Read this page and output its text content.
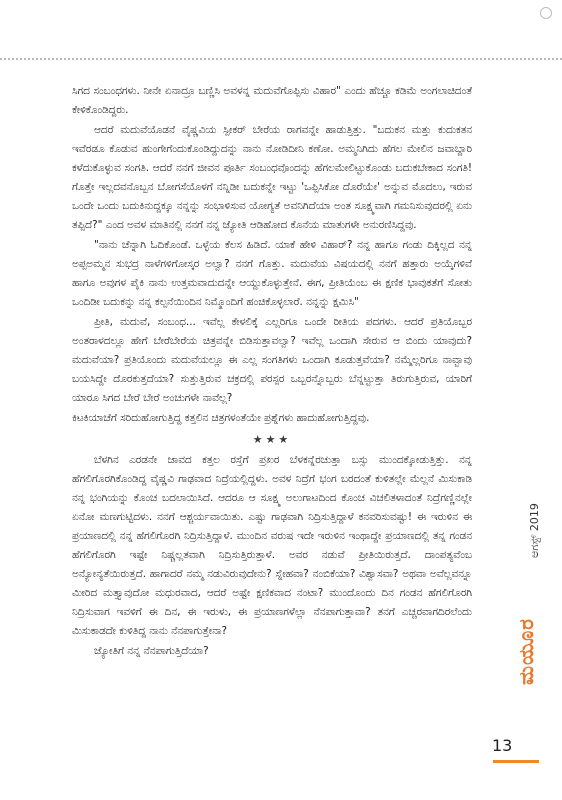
ಸಿಗದ ಸಂಬಂಧಗಳು. ನೀನೇ ಏನಾದ್ರೂ ಬಣ್ಣಿಸಿ ಅವಳನ್ನ ಮದುವೆಗೊಪ್ಪಿಸು ವಿಹಾರ" ಎಂದು ಹೆಚ್ಚೂ ಕಡಿಮೆ ಅಂಗಲಾಚಿದಂತೆ ಕೇಳಿಕೊಂಡಿದ್ದರು.

ಆದರೆ ಮದುವೆಯೊಡನೆ ವೈಷ್ಣವಿಯ ಸ್ಪೀಕರ್ ಬೇರೆಯ ರಾಗವನ್ನೇ ಹಾಡುತ್ತಿತ್ತು. "ಬದುಕನ ಮತ್ತು ಕುದುಕತನ ಇವೆರಡೂ ಕೊಡುವ ಹುಂಗೇಗೆಂದುಕೊಂಡಿದ್ದುದನ್ನು ನಾನು ನೋಡಿದೀನಿ ಕಣೋ. ಅಮ್ಮನಿಗಿದು ಹೆಗಲ ಮೇಲಿನ ಜವಾಬ್ದಾರಿ ಕಳೆದುಕೊಳ್ಳುವ ಸಂಗತಿ. ಆದರೆ ನನಗೆ ಜೀವನ ಪೂರ್ತಿ ಸಂಬಂಧವೊಂದನ್ನು ಹೆಗಲಮೇಲಿಟ್ಟುಕೊಂಡು ಬದುಕಬೇಕಾದ ಸಂಗತಿ! ಗೊತ್ತೇ ಇಲ್ಲದವನೊಬ್ಬನ ಬೋಗಸೆಯೊಳಗೆ ನನ್ನಿಡೀ ಬದುಕನ್ನೇ ಇಟ್ಟು 'ಒಪ್ಪಿಸಿಕೋ ದೊರೆಯೇ' ಅನ್ನುವ ಮೊದಲು, ಇರುವ ಒಂದೇ ಒಂದು ಬದುಕಿನುದ್ದಕ್ಕೂ ನನ್ನನ್ನು ಸಂಭಾಳಿಸುವ ಯೋಗ್ಯತೆ ಅವನಿಗಿದೆಯಾ ಅಂತ ಸೂಕ್ಷ್ಮವಾಗಿ ಗಮನಿಸುವುದರಲ್ಲಿ ಏನು ತಪ್ಪಿದೆ?" ಎಂದ ಅವಳ ಮಾತಿನಲ್ಲಿ ನನಗೆ ನನ್ನ ಜ್ಯೋತಿ ಆಡಿಹೋದ ಕೊನೆಯ ಮಾತುಗಳೇ ಅನುರಣಿಸಿದ್ದವು.

"ನಾನು ಚೆನ್ನಾಗಿ ಓದಿಕೊಂಡೆ. ಒಳ್ಳೆಯ ಕೆಲಸ ಹಿಡಿದೆ. ಯಾಕೆ ಹೇಳಿ ವಿಹಾರ್? ನನ್ನ ಹಾಗೂ ಗಂಡು ದಿಕ್ಕಿಲ್ಲದ ನನ್ನ ಅಪ್ಪಅಮ್ಮನ ಸುಭದ್ರ ನಾಳೆಗಳಿಗೋಸ್ಕರ ಅಲ್ವಾ? ನನಗೆ ಗೊತ್ತು. ಮದುವೆಯ ವಿಷಯದಲ್ಲಿ ನನಗೆ ಹತ್ತಾರು ಅಯ್ಕೆಗಳಿವೆ ಹಾಗೂ ಅವುಗಳ ಪೈಕಿ ನಾನು ಉತ್ತಮವಾದುದನ್ನೇ ಆಯ್ದುಕೊಳ್ಳುತ್ತೇನೆ. ಈಗ, ಪ್ರೀತಿಯೆಂಬ ಈ ಕ್ಷಣಿಕ ಭಾವುಕತೆಗೆ ಸೋತು ಒಂದಿಡೀ ಬದುಕನ್ನು ನನ್ನ ಕಲ್ಪನೆಯಿಂದಿನ ನಿಮ್ಮೊಂದಿಗೆ ಹಂಚಿಕೊಳ್ಳಲಾರೆ. ನನ್ನನ್ನು ಕ್ಷಮಿಸಿ"

ಪ್ರೀತಿ, ಮದುವೆ, ಸಂಬಂಧ... ಇವೆಲ್ಲ ಕೇಳಲಿಕ್ಕೆ ಎಲ್ಲರಿಗೂ ಒಂದೇ ರೀತಿಯ ಪದಗಳು. ಆದರೆ ಪ್ರತಿಯೊಬ್ಬರ ಅಂತರಾಳದಲ್ಲೂ ಹೇಗೆ ಬೇರೆಬೇರೆಯ ಚಿತ್ರವನ್ನೇ ಬಿಡಿಸುತ್ತಾವಲ್ವಾ? ಇವೆಲ್ಲ ಒಂದಾಗಿ ಸೇರುವ ಆ ಬಿಂದು ಯಾವುದು? ಮದುವೆಯಾ? ಪ್ರತಿಯೊಂದು ಮದುವೆಯಲ್ಲೂ ಈ ಎಲ್ಲ ಸಂಗತಿಗಳು ಒಂದಾಗಿ ಕೂಡುತ್ತವೆಯಾ? ನಮ್ಮೆಲ್ಲರಿಗೂ ನಾವ್ಬಾವು ಬಯಸಿದ್ದೇ ದೊರಕುತ್ತದೆಯಾ? ಸುತ್ತುತ್ತಿರುವ ಚಕ್ರದಲ್ಲಿ ಪರಸ್ಪರ ಒಬ್ಬರನ್ನೊಬ್ಬರು ಬೆನ್ನಟ್ಟುತ್ತಾ ತಿರುಗುತ್ತಿರುವ, ಯಾರಿಗೆ ಯಾರೂ ಸಿಗದ ಬೇರೆ ಬೇರೆ ಅಂಚುಗಳೇ ನಾವೆಲ್ಲ?

ಕಿಟಕಿಯಾಚೆಗೆ ಸರಿದುಹೋಗುತ್ತಿದ್ದ ಕತ್ತಲಿನ ಚಿತ್ರಗಳಂತೆಯೇ ಪ್ರಶ್ನೆಗಳು ಹಾದುಹೋಗುತ್ತಿದ್ದವು.

★★★

ಬೆಳಗಿನ ಎರಡನೇ ಜಾವದ ಕತ್ತಲ ರಸ್ತೆಗೆ ಪ್ರಖರ ಬೆಳಕನ್ನೆರಚುತ್ತಾ ಬಸ್ಸು ಮುಂದಕ್ಕೋಡುತ್ತಿತ್ತು. ನನ್ನ ಹೆಗಲಿಗೊರಗಿಕೊಂಡಿದ್ದ ವೈಷ್ಣವಿ ಗಾಢವಾದ ನಿದ್ರೆಯಲ್ಲಿದ್ದಳು. ಅವಳ ನಿದ್ರೆಗೆ ಭಂಗ ಬರದಂತೆ ಕುಳಿತಲ್ಲೇ ಮೆಲ್ಲನೆ ಮಿಸುಕಾಡಿ ನನ್ನ ಭಂಗಿಯನ್ನು ಕೊಂಚ ಬದಲಾಯಿಸಿದೆ. ಆದರೂ ಆ ಸೂಕ್ಷ್ಮ ಅಲುಗಾಟದಿಂದ ಕೊಂಚ ವಿಚಲಿತಳಾದಂತೆ ನಿದ್ರೆಗಣ್ಣಿನಲ್ಲೇ ಏನೋ ಮಣಗುಟ್ಟಿದಳು. ನನಗೆ ಆಶ್ಚರ್ಯವಾಯಿತು. ಎಷ್ಟು ಗಾಢವಾಗಿ ನಿದ್ರಿಸುತ್ತಿದ್ದಾಳೆ ಕನವರಿಸುವಷ್ಟು! ಈ ಇರುಳಿನ ಈ ಪ್ರಯಾಣದಲ್ಲಿ ನನ್ನ ಹೆಗಲಿಗೊರಗಿ ನಿದ್ರಿಸುತ್ತಿದ್ದಾಳೆ. ಮುಂದಿನ ವರುಷ ಇದೇ ಇರುಳಿನ ಇಂಥಾದ್ದೇ ಪ್ರಯಾಣದಲ್ಲಿ ತನ್ನ ಗಂಡನ ಹೆಗಲಿಗೊರಗಿ ಇಷ್ಟೇ ನಿಷ್ಚಲ್ಲತವಾಗಿ ನಿದ್ರಿಸುತ್ತಿರುತ್ತಾಳೆ. ಅವರ ನಡುವೆ ಪ್ರೀತಿಯಿರುತ್ತದೆ. ದಾಂಪತ್ಯವೆಂಬ ಅನ್ಯೋನ್ಯತೆಯಿರುತ್ತದೆ. ಹಾಗಾದರೆ ನಮ್ಮ ನಡುವಿರುವುದೇನು? ಸ್ನೇಹವಾ? ನಂಬಿಕೆಯಾ? ವಿಶ್ವಾಸವಾ? ಅಥವಾ ಅವೆಲ್ಲವನ್ನೂ ಮೀರಿದ ಮತ್ತ್ಯಾವುದೋ ಮಧುರವಾದ, ಆದರೆ ಅಷ್ಟೇ ಕ್ಷಣಿಕವಾದ ನಂಟಾ? ಮುಂದೊಂದು ದಿನ ಗಂಡನ ಹೆಗಲಿಗೊರಗಿ ನಿದ್ರಿಸುವಾಗ ಇವಳಿಗೆ ಈ ದಿನ, ಈ ಇರುಳು, ಈ ಪ್ರಯಾಣಗಳೆಲ್ಲಾ ನೆನಪಾಗುತ್ತಾವಾ? ತನಗೆ ಎಚ್ಚರವಾಗದಿರಲೆಂದು ಮಿಸುಕಾಡದೇ ಕುಳಿತಿದ್ದ ನಾನು ನೆನಪಾಗುತ್ತೇನಾ?

ಜ್ಯೋತಿಗೆ ನನ್ನ ನೆನಪಾಗುತ್ತಿದೆಯಾ?

ಆಗಸ್ಟ್ 2019
ಮಯೂರ
13
